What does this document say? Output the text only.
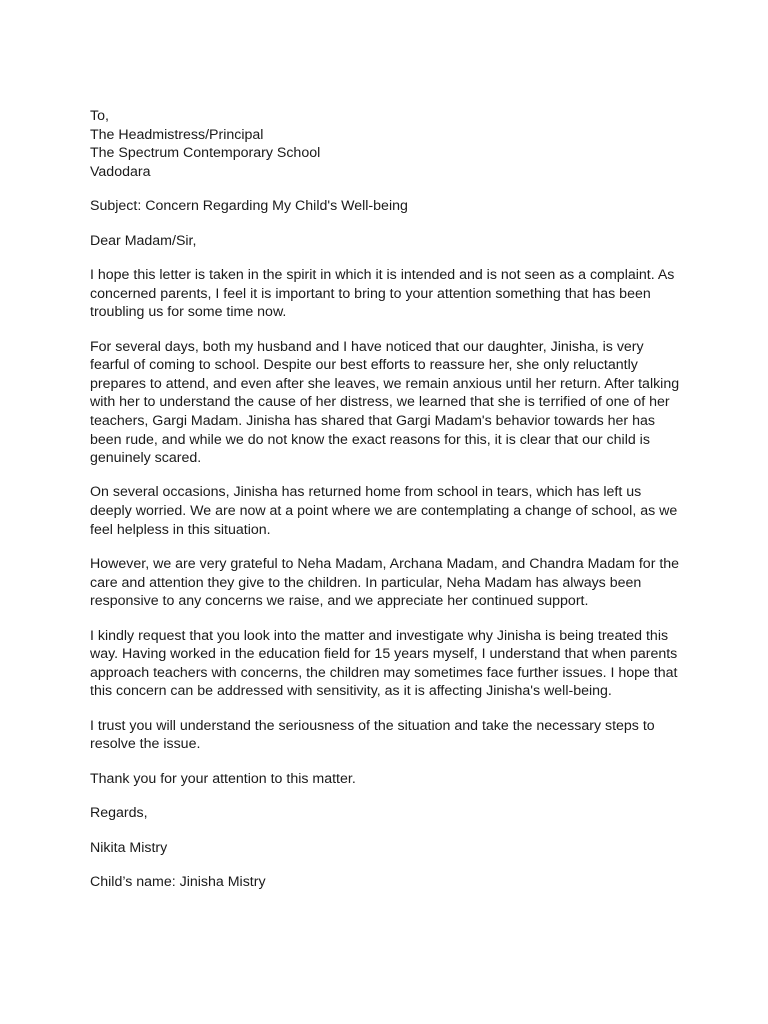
To,
The Headmistress/Principal
The Spectrum Contemporary School
Vadodara

Subject: Concern Regarding My Child's Well-being

Dear Madam/Sir,

I hope this letter is taken in the spirit in which it is intended and is not seen as a complaint. As concerned parents, I feel it is important to bring to your attention something that has been troubling us for some time now.

For several days, both my husband and I have noticed that our daughter, Jinisha, is very fearful of coming to school. Despite our best efforts to reassure her, she only reluctantly prepares to attend, and even after she leaves, we remain anxious until her return. After talking with her to understand the cause of her distress, we learned that she is terrified of one of her teachers, Gargi Madam. Jinisha has shared that Gargi Madam's behavior towards her has been rude, and while we do not know the exact reasons for this, it is clear that our child is genuinely scared.

On several occasions, Jinisha has returned home from school in tears, which has left us deeply worried. We are now at a point where we are contemplating a change of school, as we feel helpless in this situation.

However, we are very grateful to Neha Madam, Archana Madam, and Chandra Madam for the care and attention they give to the children. In particular, Neha Madam has always been responsive to any concerns we raise, and we appreciate her continued support.

I kindly request that you look into the matter and investigate why Jinisha is being treated this way. Having worked in the education field for 15 years myself, I understand that when parents approach teachers with concerns, the children may sometimes face further issues. I hope that this concern can be addressed with sensitivity, as it is affecting Jinisha's well-being.

I trust you will understand the seriousness of the situation and take the necessary steps to resolve the issue.

Thank you for your attention to this matter.

Regards,

Nikita Mistry

Child’s name: Jinisha Mistry
